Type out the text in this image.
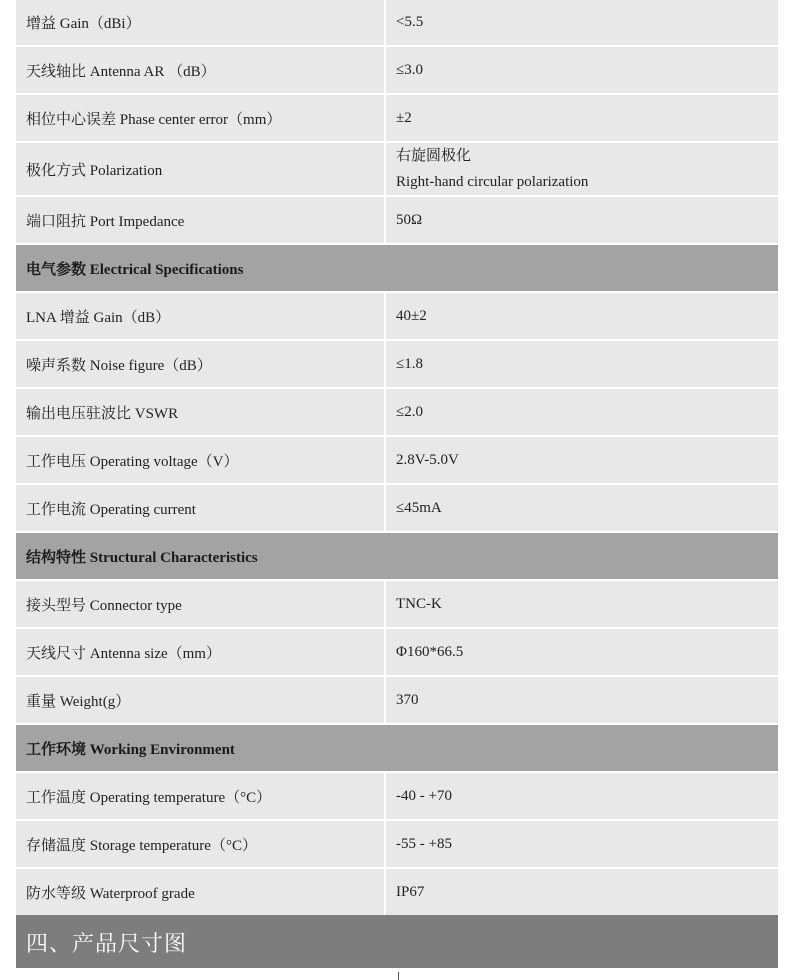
增益 Gain（dBi）	<5.5
天线轴比 Antenna AR （dB）	≤3.0
相位中心误差 Phase center error（mm）	±2
极化方式 Polarization	右旋圆极化
Right-hand circular polarization

端口阻抗 Port Impedance	50Ω
电气参数 Electrical Specifications	
LNA 增益 Gain（dB）	40±2
噪声系数 Noise figure（dB）	≤1.8
输出电压驻波比 VSWR	≤2.0
工作电压 Operating voltage（V）	2.8V-5.0V
工作电流 Operating current	≤45mA
结构特性 Structural Characteristics	
接头型号 Connector type	TNC-K
天线尺寸 Antenna size（mm）	Φ160*66.5
重量 Weight(g）	370
工作环境 Working Environment	
工作温度 Operating temperature（°C）	-40 - +70
存储温度 Storage temperature（°C）	-55 - +85
防水等级 Waterproof grade	IP67
四、产品尺寸图
